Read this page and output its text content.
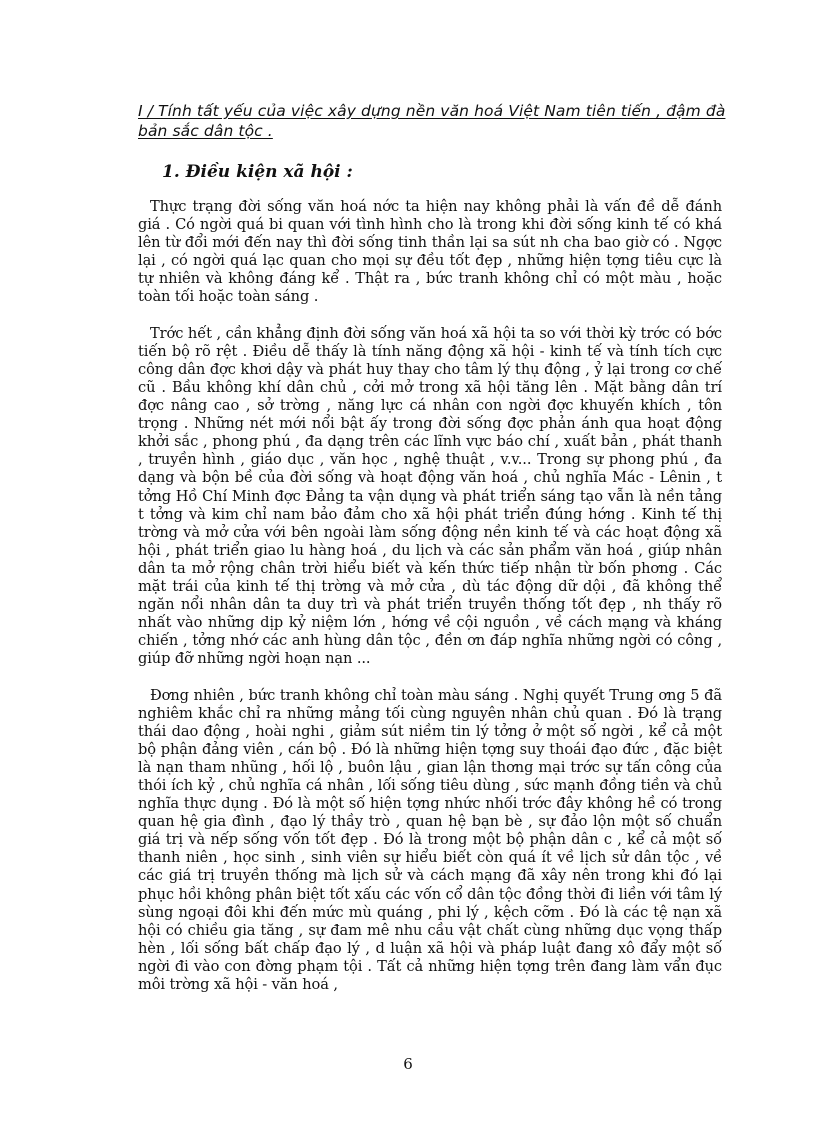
I / Tính tất yếu của việc xây dựng nền văn hoá Việt Nam tiên tiến , đậm đà bản sắc dân tộc .
1. Điều kiện xã hội :

Thực trạng đời sống văn hoá nớc ta hiện nay không phải là vấn đề dễ đánh giá . Có ngời quá bi quan với tình hình cho là trong khi đời sống kinh tế có khá lên từ đổi mới đến nay thì đời sống tinh thần lại sa sút nh cha bao giờ có . Ngợc lại , có ngời quá lạc quan cho mọi sự đều tốt đẹp , những hiện tợng tiêu cực là tự nhiên và không đáng kể . Thật ra , bức tranh không chỉ có một màu , hoặc toàn tối hoặc toàn sáng .

Trớc hết , cần khẳng định đời sống văn hoá xã hội ta so với thời kỳ trớc có bớc tiến bộ rõ rệt . Điều dễ thấy là tính năng động xã hội - kinh tế và tính tích cực công dân đợc khơi dậy và phát huy thay cho tâm lý thụ động , ỷ lại trong cơ chế cũ . Bầu không khí dân chủ , cởi mở trong xã hội tăng lên . Mặt bằng dân trí đợc nâng cao , sở trờng , năng lực cá nhân con ngời đợc khuyến khích , tôn trọng . Những nét mới nổi bật ấy trong đời sống đợc phản ánh qua hoạt động khởi sắc , phong phú , đa dạng trên các lĩnh vực báo chí , xuất bản , phát thanh , truyền hình , giáo dục , văn học , nghệ thuật , v.v... Trong sự phong phú , đa dạng và bộn bề của đời sống và hoạt động văn hoá , chủ nghĩa Mác - Lênin , t tởng Hồ Chí Minh đợc Đảng ta vận dụng và phát triển sáng tạo vẫn là nền tảng t tởng và kim chỉ nam bảo đảm cho xã hội phát triển đúng hớng . Kinh tế thị trờng và mở cửa với bên ngoài làm sống động nền kinh tế và các hoạt động xã hội , phát triển giao lu hàng hoá , du lịch và các sản phẩm văn hoá , giúp nhân dân ta mở rộng chân trời hiểu biết và kến thức tiếp nhận từ bốn phơng . Các mặt trái của kinh tế thị trờng và mở cửa , dù tác động dữ dội , đã không thể ngăn nổi nhân dân ta duy trì và phát triển truyền thống tốt đẹp , nh thấy rõ nhất vào những dịp kỷ niệm lớn , hớng về cội nguồn , về cách mạng và kháng chiến , tởng nhớ các anh hùng dân tộc , đền ơn đáp nghĩa những ngời có công , giúp đỡ những ngời hoạn nạn ...

Đơng nhiên , bức tranh không chỉ toàn màu sáng . Nghị quyết Trung ơng 5 đã nghiêm khắc chỉ ra những mảng tối cùng nguyên nhân chủ quan . Đó là trạng thái dao động , hoài nghi , giảm sút niềm tin lý tởng ở một số ngời , kể cả một bộ phận đảng viên , cán bộ . Đó là những hiện tợng suy thoái đạo đức , đặc biệt là nạn tham nhũng , hối lộ , buôn lậu , gian lận thơng mại trớc sự tấn công của thói ích kỷ , chủ nghĩa cá nhân , lối sống tiêu dùng , sức mạnh đồng tiền và chủ nghĩa thực dụng . Đó là một số hiện tợng nhức nhối trớc đây không hề có trong quan hệ gia đình , đạo lý thầy trò , quan hệ bạn bè , sự đảo lộn một số chuẩn giá trị và nếp sống vốn tốt đẹp . Đó là trong một bộ phận dân c , kể cả một số thanh niên , học sinh , sinh viên sự hiểu biết còn quá ít về lịch sử dân tộc , về các giá trị truyền thống mà lịch sử và cách mạng đã xây nên trong khi đó lại phục hồi không phân biệt tốt xấu các vốn cổ dân tộc đồng thời đi liền với tâm lý sùng ngoại đôi khi đến mức mù quáng , phi lý , kệch cỡm . Đó là các tệ nạn xã hội có chiều gia tăng , sự đam mê nhu cầu vật chất cùng những dục vọng thấp hèn , lối sống bất chấp đạo lý , d luận xã hội và pháp luật đang xô đẩy một số ngời đi vào con đờng phạm tội . Tất cả những hiện tợng trên đang làm vẩn đục môi trờng xã hội - văn hoá ,

6
